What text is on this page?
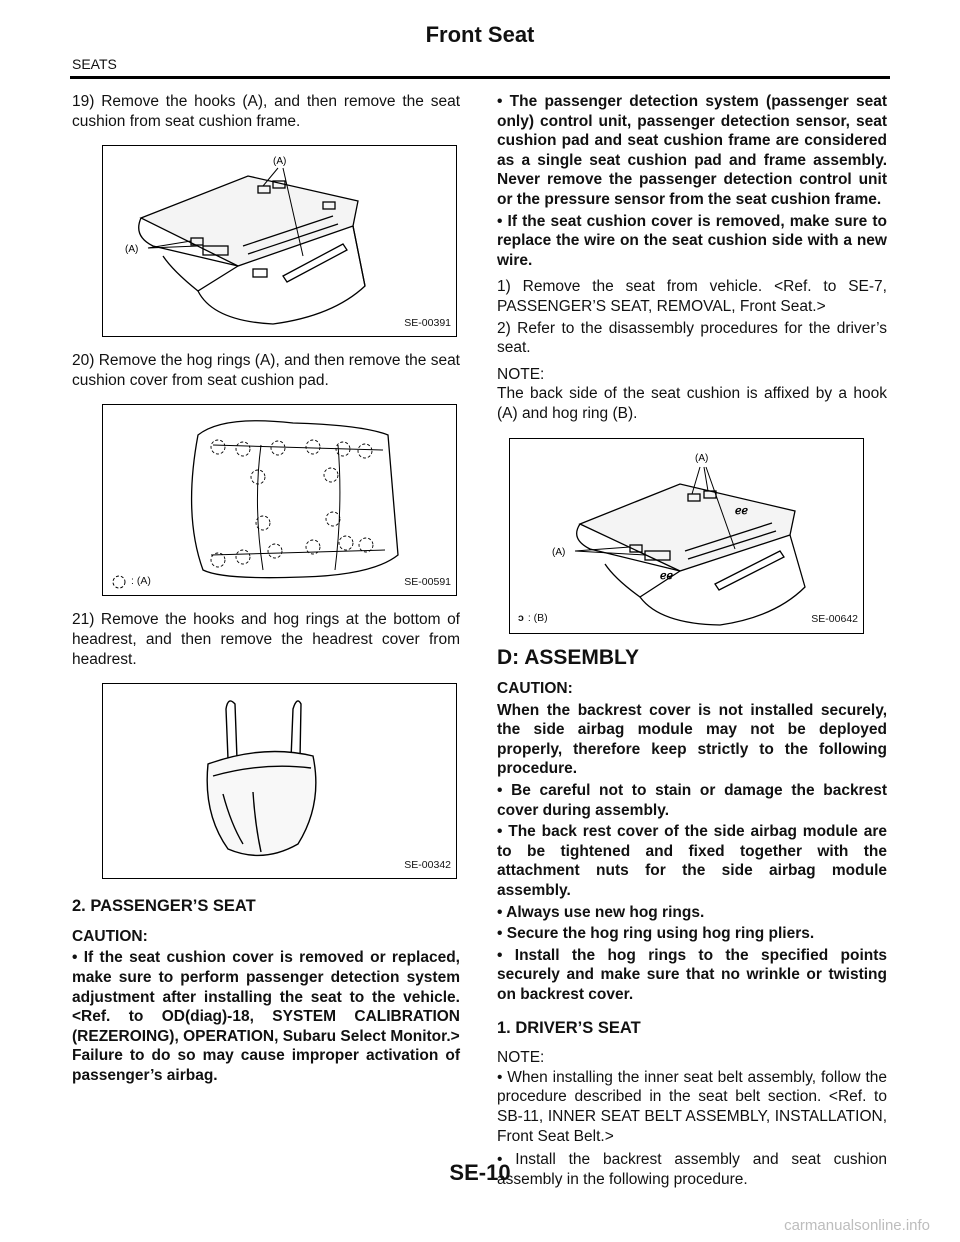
Front Seat
SEATS

19) Remove the hooks (A), and then remove the seat cushion from seat cushion frame.

(A)
(A)
SE-00391

20) Remove the hog rings (A), and then remove the seat cushion cover from seat cushion pad.

: (A)	SE-00591

21) Remove the hooks and hog rings at the bottom of headrest, and then remove the headrest cover from headrest.

SE-00342
2. PASSENGER’S SEAT

CAUTION:

• If the seat cushion cover is removed or replaced, make sure to perform passenger detection system adjustment after installing the seat to the vehicle. <Ref. to OD(diag)-18, SYSTEM CALIBRATION (REZEROING), OPERATION, Subaru Select Monitor.>

Failure to do so may cause improper activation of passenger’s airbag.

• The passenger detection system (passenger seat only) control unit, passenger detection sensor, seat cushion pad and seat cushion frame are considered as a single seat cushion pad and frame assembly. Never remove the passenger detection control unit or the pressure sensor from the seat cushion frame.

• If the seat cushion cover is removed, make sure to replace the wire on the seat cushion side with a new wire.

1) Remove the seat from vehicle. <Ref. to SE-7, PASSENGER’S SEAT, REMOVAL, Front Seat.>

2) Refer to the disassembly procedures for the driver’s seat.

NOTE:

The back side of the seat cushion is affixed by a hook (A) and hog ring (B).

ℯℯ
ℯℯ
(A)
(A)
ↄ : (B)	SE-00642
D: ASSEMBLY

CAUTION:

When the backrest cover is not installed securely, the side airbag module may not be deployed properly, therefore keep strictly to the following procedure.

• Be careful not to stain or damage the backrest cover during assembly.

• The back rest cover of the side airbag module are to be tightened and fixed together with the attachment nuts for the side airbag module assembly.

• Always use new hog rings.

• Secure the hog ring using hog ring pliers.

• Install the hog rings to the specified points securely and make sure that no wrinkle or twisting on backrest cover.

1. DRIVER’S SEAT

NOTE:

• When installing the inner seat belt assembly, follow the procedure described in the seat belt section. <Ref. to SB-11, INNER SEAT BELT ASSEMBLY, INSTALLATION, Front Seat Belt.>

• Install the backrest assembly and seat cushion assembly in the following procedure.

SE-10
carmanualsonline.info
